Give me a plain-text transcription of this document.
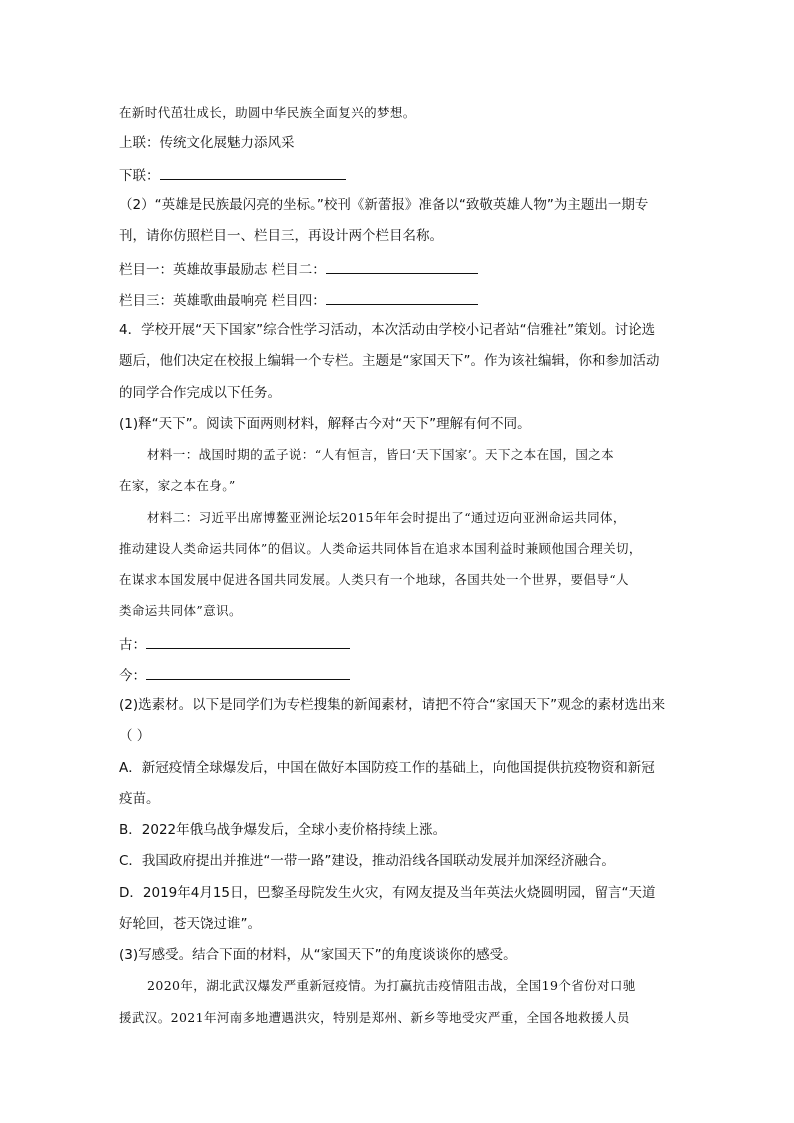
在新时代茁壮成长，助圆中华民族全面复兴的梦想。
上联：传统文化展魅力添风采
下联：
（2）“英雄是民族最闪亮的坐标。”校刊《新蕾报》准备以“致敬英雄人物”为主题出一期专
刊，请你仿照栏目一、栏目三，再设计两个栏目名称。
栏目一：英雄故事最励志 栏目二：
栏目三：英雄歌曲最响亮 栏目四：
4．学校开展“天下国家”综合性学习活动，本次活动由学校小记者站“信雅社”策划。讨论选
题后，他们决定在校报上编辑一个专栏。主题是“家国天下”。作为该社编辑，你和参加活动
的同学合作完成以下任务。
(1)释“天下”。阅读下面两则材料，解释古今对“天下”理解有何不同。
材料一：战国时期的孟子说：“人有恒言，皆曰‘天下国家’。天下之本在国，国之本
在家，家之本在身。”
材料二：习近平出席博鳌亚洲论坛2015年年会时提出了“通过迈向亚洲命运共同体，
推动建设人类命运共同体”的倡议。人类命运共同体旨在追求本国利益时兼顾他国合理关切，
在谋求本国发展中促进各国共同发展。人类只有一个地球，各国共处一个世界，要倡导“人
类命运共同体”意识。
古：
今：
(2)选素材。以下是同学们为专栏搜集的新闻素材，请把不符合“家国天下”观念的素材选出来
（ ）
A．新冠疫情全球爆发后，中国在做好本国防疫工作的基础上，向他国提供抗疫物资和新冠
疫苗。
B．2022年俄乌战争爆发后，全球小麦价格持续上涨。
C．我国政府提出并推进“一带一路”建设，推动沿线各国联动发展并加深经济融合。
D．2019年4月15日，巴黎圣母院发生火灾，有网友提及当年英法火烧圆明园，留言“天道
好轮回，苍天饶过谁”。
(3)写感受。结合下面的材料，从“家国天下”的角度谈谈你的感受。
2020年，湖北武汉爆发严重新冠疫情。为打赢抗击疫情阻击战，全国19个省份对口驰
援武汉。2021年河南多地遭遇洪灾，特别是郑州、新乡等地受灾严重，全国各地救援人员
